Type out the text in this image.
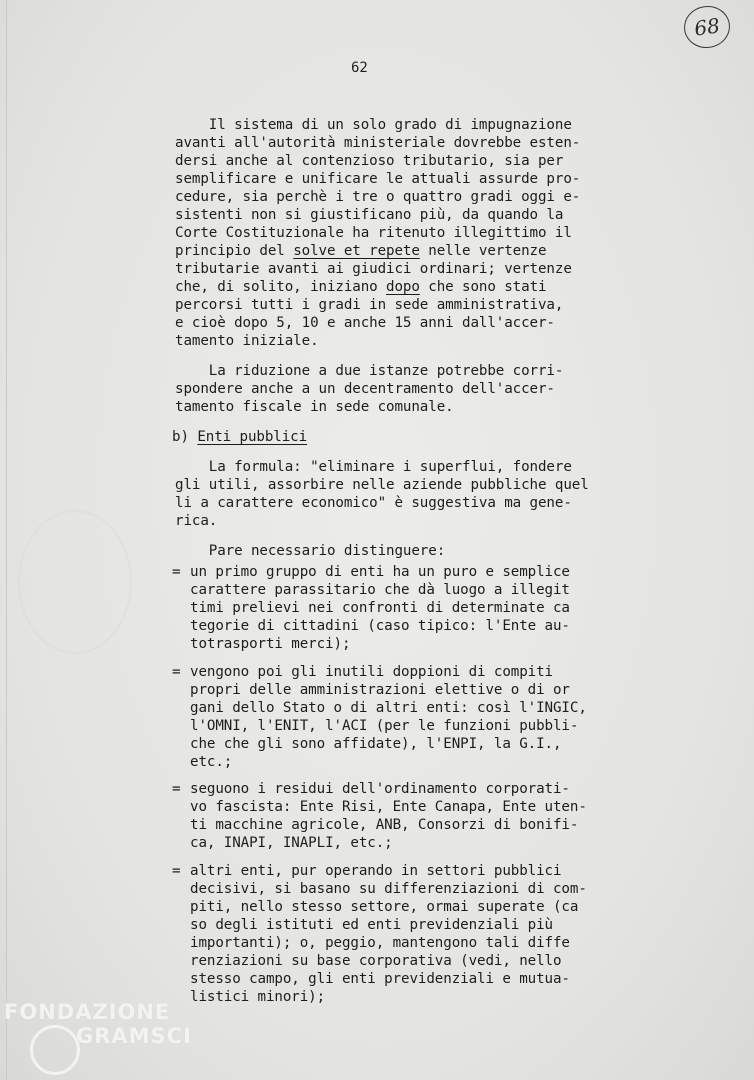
68
62

Il sistema di un solo grado di impugnazione

avanti all'autorità ministeriale dovrebbe esten-

dersi anche al contenzioso tributario, sia per

semplificare e unificare le attuali assurde pro-

cedure, sia perchè i tre o quattro gradi oggi e-

sistenti non si giustificano più, da quando la

Corte Costituzionale ha ritenuto illegittimo il

principio del solve et repete nelle vertenze

tributarie avanti ai giudici ordinari; vertenze

che, di solito, iniziano dopo che sono stati

percorsi tutti i gradi in sede amministrativa,

e cioè dopo 5, 10 e anche 15 anni dall'accer-

tamento iniziale.

La riduzione a due istanze potrebbe corri-

spondere anche a un decentramento dell'accer-

tamento fiscale in sede comunale.

b) Enti pubblici

La formula: "eliminare i superflui, fondere

gli utili, assorbire nelle aziende pubbliche quel

li a carattere economico" è suggestiva ma gene-

rica.

Pare necessario distinguere:

= un primo gruppo di enti ha un puro e semplice

carattere parassitario che dà luogo a illegit

timi prelievi nei confronti di determinate ca

tegorie di cittadini (caso tipico: l'Ente au-

totrasporti merci);

= vengono poi gli inutili doppioni di compiti

propri delle amministrazioni elettive o di or

gani dello Stato o di altri enti: così l'INGIC,

l'OMNI, l'ENIT, l'ACI (per le funzioni pubbli-

che che gli sono affidate), l'ENPI, la G.I.,

etc.;

= seguono i residui dell'ordinamento corporati-

vo fascista: Ente Risi, Ente Canapa, Ente uten-

ti macchine agricole, ANB, Consorzi di bonifi-

ca, INAPI, INAPLI, etc.;

= altri enti, pur operando in settori pubblici

decisivi, si basano su differenziazioni di com-

piti, nello stesso settore, ormai superate (ca

so degli istituti ed enti previdenziali più

importanti); o, peggio, mantengono tali diffe

renziazioni su base corporativa (vedi, nello

stesso campo, gli enti previdenziali e mutua-

listici minori);

FONDAZIONE
GRAMSCI
